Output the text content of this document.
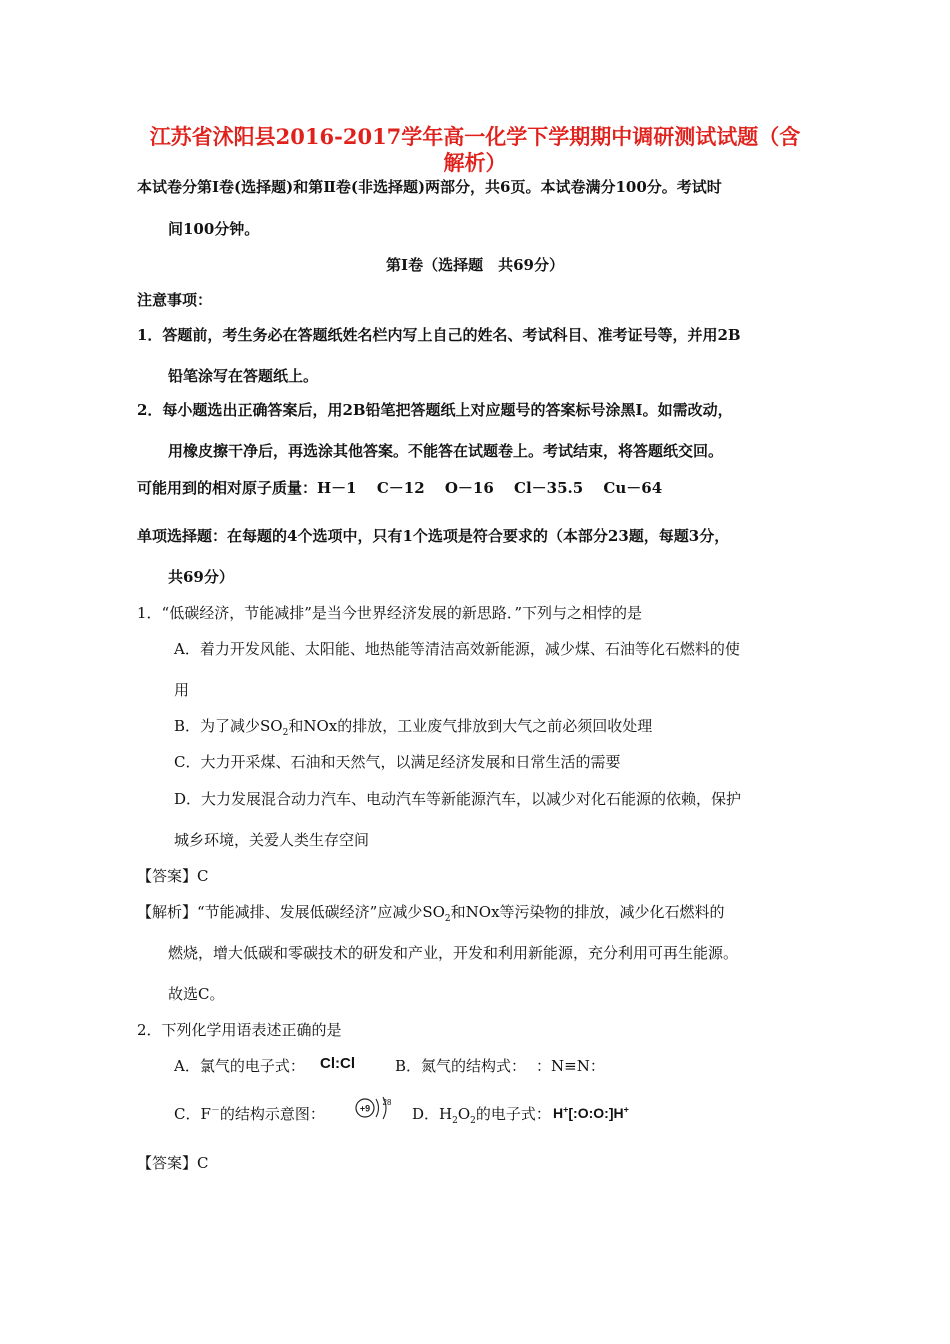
江苏省沭阳县2016-2017学年高一化学下学期期中调研测试试题（含
解析）
本试卷分第Ⅰ卷(选择题)和第Ⅱ卷(非选择题)两部分，共6页。本试卷满分100分。考试时
间100分钟。
第Ⅰ卷（选择题　共69分）
注意事项：
1．答题前，考生务必在答题纸姓名栏内写上自己的姓名、考试科目、准考证号等，并用2B
铅笔涂写在答题纸上。
2．每小题选出正确答案后，用2B铅笔把答题纸上对应题号的答案标号涂黑Ⅰ。如需改动，
用橡皮擦干净后，再选涂其他答案。不能答在试题卷上。考试结束，将答题纸交回。
可能用到的相对原子质量：H－1　 C－12　 O－16　 Cl－35.5　 Cu－64
单项选择题：在每题的4个选项中，只有1个选项是符合要求的（本部分23题，每题3分，
共69分）
1．“低碳经济，节能减排”是当今世界经济发展的新思路．”下列与之相悖的是
A．着力开发风能、太阳能、地热能等清洁高效新能源，减少煤、石油等化石燃料的使
用
B．为了减少$SO_2$和NOx的排放，工业废气排放到大气之前必须回收处理
C．大力开采煤、石油和天然气，以满足经济发展和日常生活的需要
D．大力发展混合动力汽车、电动汽车等新能源汽车，以减少对化石能源的依赖，保护
城乡环境，关爱人类生存空间
【答案】C
【解析】“节能减排、发展低碳经济”应减少$SO_2$和NOx等污染物的排放，减少化石燃料的
燃烧，增大低碳和零碳技术的研发和产业，开发和利用新能源，充分利用可再生能源。
故选C。
2．下列化学用语表述正确的是
A．氯气的电子式： Cl:Cl	B．氮气的结构式： ：N≡N：
C．F－的结构示意图：	+9
28
D．$H_2O_2$的电子式： H+[:O:O:]H+
【答案】C
